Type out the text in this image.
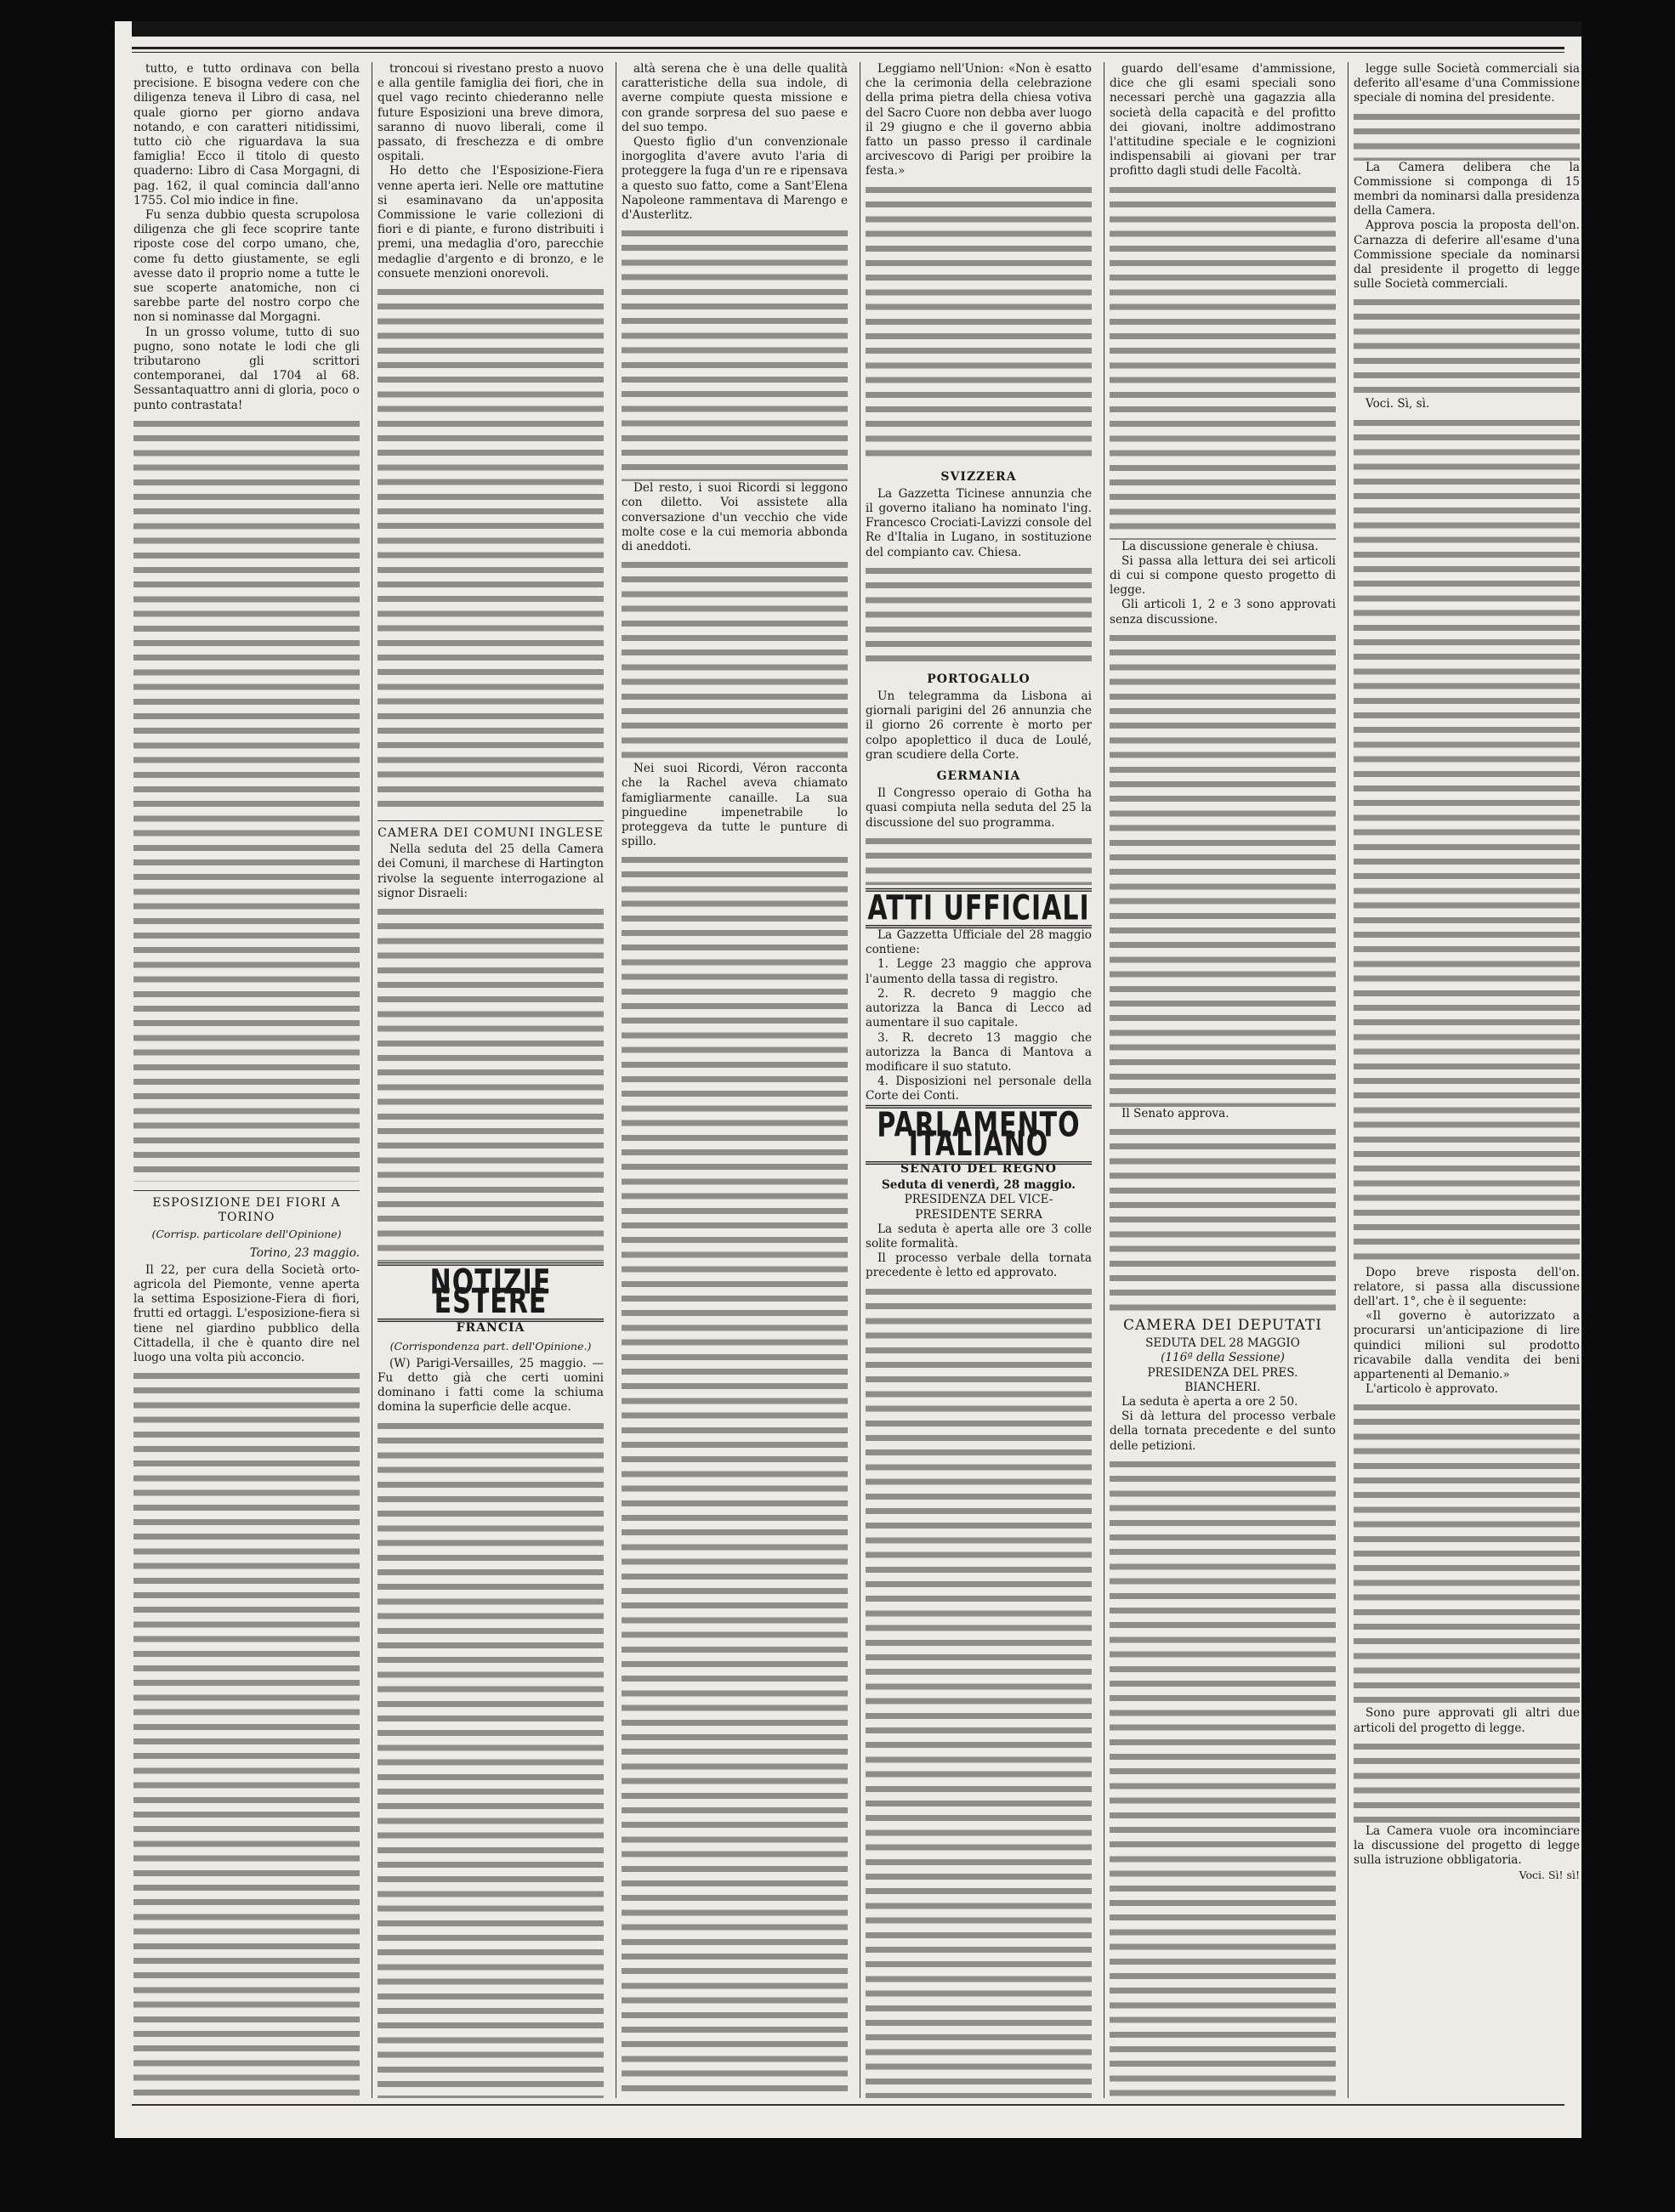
tutto, e tutto ordinava con bella precisione. E bisogna vedere con che diligenza teneva il Libro di casa, nel quale giorno per giorno andava notando, e con caratteri nitidissimi, tutto ciò che riguardava la sua famiglia! Ecco il titolo di questo quaderno: Libro di Casa Morgagni, di pag. 162, il qual comincia dall'anno 1755. Col mio indice in fine.

Fu senza dubbio questa scrupolosa diligenza che gli fece scoprire tante riposte cose del corpo umano, che, come fu detto giustamente, se egli avesse dato il proprio nome a tutte le sue scoperte anatomiche, non ci sarebbe parte del nostro corpo che non si nominasse dal Morgagni.

In un grosso volume, tutto di suo pugno, sono notate le lodi che gli tributarono gli scrittori contemporanei, dal 1704 al 68. Sessantaquattro anni di gloria, poco o punto contrastata!

ESPOSIZIONE DEI FIORI A TORINO
(Corrisp. particolare dell'Opinione)
Torino, 23 maggio.

Il 22, per cura della Società orto-agricola del Piemonte, venne aperta la settima Esposizione-Fiera di fiori, frutti ed ortaggi. L'esposizione-fiera si tiene nel giardino pubblico della Cittadella, il che è quanto dire nel luogo una volta più acconcio.

troncoui si rivestano presto a nuovo e alla gentile famiglia dei fiori, che in quel vago recinto chiederanno nelle future Esposizioni una breve dimora, saranno di nuovo liberali, come il passato, di freschezza e di ombre ospitali.

Ho detto che l'Esposizione-Fiera venne aperta ieri. Nelle ore mattutine si esaminavano da un'apposita Commissione le varie collezioni di fiori e di piante, e furono distribuiti i premi, una medaglia d'oro, parecchie medaglie d'argento e di bronzo, e le consuete menzioni onorevoli.

CAMERA DEI COMUNI INGLESE

Nella seduta del 25 della Camera dei Comuni, il marchese di Hartington rivolse la seguente interrogazione al signor Disraeli:

NOTIZIE ESTERE
FRANCIA
(Corrispondenza part. dell'Opinione.)

(W) Parigi-Versailles, 25 maggio. — Fu detto già che certi uomini dominano i fatti come la schiuma domina la superficie delle acque.

altà serena che è una delle qualità caratteristiche della sua indole, di averne compiute questa missione e con grande sorpresa del suo paese e del suo tempo.

Questo figlio d'un convenzionale inorgoglita d'avere avuto l'aria di proteggere la fuga d'un re e ripensava a questo suo fatto, come a Sant'Elena Napoleone rammentava di Marengo e d'Austerlitz.

Del resto, i suoi Ricordi si leggono con diletto. Voi assistete alla conversazione d'un vecchio che vide molte cose e la cui memoria abbonda di aneddoti.

Nei suoi Ricordi, Véron racconta che la Rachel aveva chiamato famigliarmente canaille. La sua pinguedine impenetrabile lo proteggeva da tutte le punture di spillo.

Leggiamo nell'Union: «Non è esatto che la cerimonia della celebrazione della prima pietra della chiesa votiva del Sacro Cuore non debba aver luogo il 29 giugno e che il governo abbia fatto un passo presso il cardinale arcivescovo di Parigi per proibire la festa.»

SVIZZERA

La Gazzetta Ticinese annunzia che il governo italiano ha nominato l'ing. Francesco Crociati-Lavizzi console del Re d'Italia in Lugano, in sostituzione del compianto cav. Chiesa.

PORTOGALLO

Un telegramma da Lisbona ai giornali parigini del 26 annunzia che il giorno 26 corrente è morto per colpo apoplettico il duca de Loulé, gran scudiere della Corte.

GERMANIA

Il Congresso operaio di Gotha ha quasi compiuta nella seduta del 25 la discussione del suo programma.

ATTI UFFICIALI

La Gazzetta Ufficiale del 28 maggio contiene:

1. Legge 23 maggio che approva l'aumento della tassa di registro.

2. R. decreto 9 maggio che autorizza la Banca di Lecco ad aumentare il suo capitale.

3. R. decreto 13 maggio che autorizza la Banca di Mantova a modificare il suo statuto.

4. Disposizioni nel personale della Corte dei Conti.

PARLAMENTO ITALIANO
SENATO DEL REGNO
Seduta di venerdì, 28 maggio.
PRESIDENZA DEL VICE-PRESIDENTE SERRA

La seduta è aperta alle ore 3 colle solite formalità.

Il processo verbale della tornata precedente è letto ed approvato.

guardo dell'esame d'ammissione, dice che gli esami speciali sono necessari perchè una gagazzia alla società della capacità e del profitto dei giovani, inoltre addimostrano l'attitudine speciale e le cognizioni indispensabili ai giovani per trar profitto dagli studi delle Facoltà.

La discussione generale è chiusa.

Si passa alla lettura dei sei articoli di cui si compone questo progetto di legge.

Gli articoli 1, 2 e 3 sono approvati senza discussione.

Il Senato approva.

CAMERA DEI DEPUTATI
SEDUTA DEL 28 MAGGIO
(116ª della Sessione)
PRESIDENZA DEL PRES. BIANCHERI.

La seduta è aperta a ore 2 50.

Si dà lettura del processo verbale della tornata precedente e del sunto delle petizioni.

legge sulle Società commerciali sia deferito all'esame d'una Commissione speciale di nomina del presidente.

La Camera delibera che la Commissione si componga di 15 membri da nominarsi dalla presidenza della Camera.

Approva poscia la proposta dell'on. Carnazza di deferire all'esame d'una Commissione speciale da nominarsi dal presidente il progetto di legge sulle Società commerciali.

Voci. Sì, sì.

Dopo breve risposta dell'on. relatore, si passa alla discussione dell'art. 1°, che è il seguente:

«Il governo è autorizzato a procurarsi un'anticipazione di lire quindici milioni sul prodotto ricavabile dalla vendita dei beni appartenenti al Demanio.»

L'articolo è approvato.

Sono pure approvati gli altri due articoli del progetto di legge.

La Camera vuole ora incominciare la discussione del progetto di legge sulla istruzione obbligatoria.

Voci. Sì! sì!
